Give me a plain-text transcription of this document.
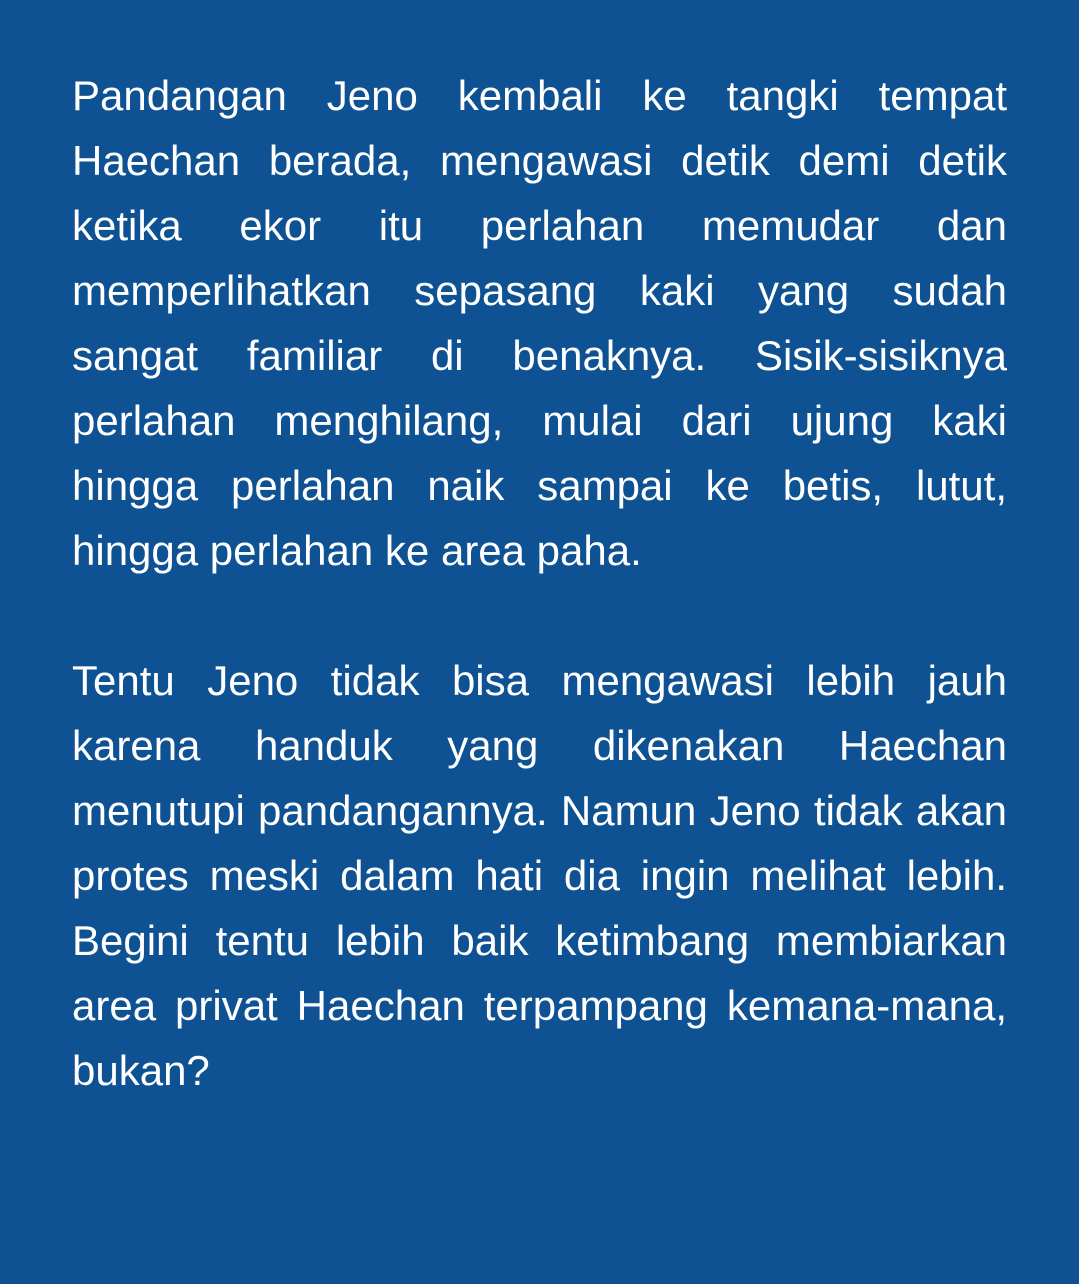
Pandangan Jeno kembali ke tangki tempat Haechan berada, mengawasi detik demi detik ketika ekor itu perlahan memudar dan memperlihatkan sepasang kaki yang sudah sangat familiar di benaknya. Sisik-sisiknya perlahan menghilang, mulai dari ujung kaki hingga perlahan naik sampai ke betis, lutut, hingga perlahan ke area paha.

Tentu Jeno tidak bisa mengawasi lebih jauh karena handuk yang dikenakan Haechan menutupi pandangannya. Namun Jeno tidak akan protes meski dalam hati dia ingin melihat lebih. Begini tentu lebih baik ketimbang membiarkan area privat Haechan terpampang kemana-mana, bukan?
